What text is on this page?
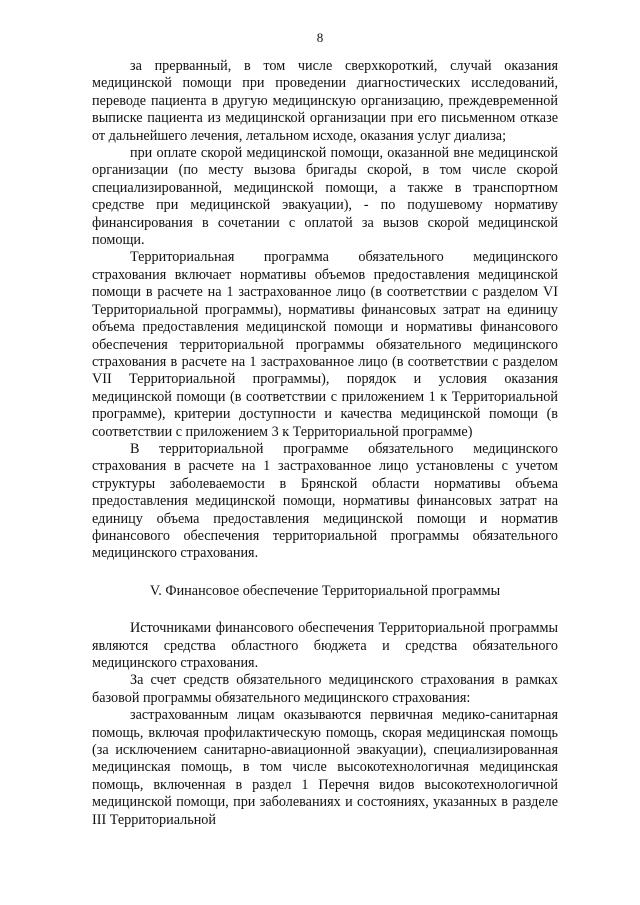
8

за прерванный, в том числе сверхкороткий, случай оказания медицинской помощи при проведении диагностических исследований, переводе пациента в другую медицинскую организацию, преждевременной выписке пациента из медицинской организации при его письменном отказе от дальнейшего лечения, летальном исходе, оказания услуг диализа;

при оплате скорой медицинской помощи, оказанной вне медицинской организации (по месту вызова бригады скорой, в том числе скорой специализированной, медицинской помощи, а также в транспортном средстве при медицинской эвакуации), - по подушевому нормативу финансирования в сочетании с оплатой за вызов скорой медицинской помощи.

Территориальная программа обязательного медицинского страхования включает нормативы объемов предоставления медицинской помощи в расчете на 1 застрахованное лицо (в соответствии с разделом VI Территориальной программы), нормативы финансовых затрат на единицу объема предоставления медицинской помощи и нормативы финансового обеспечения территориальной программы обязательного медицинского страхования в расчете на 1 застрахованное лицо (в соответствии с разделом VII Территориальной программы), порядок и условия оказания медицинской помощи (в соответствии с приложением 1 к Территориальной программе), критерии доступности и качества медицинской помощи (в соответствии с приложением 3 к Территориальной программе)

В территориальной программе обязательного медицинского страхования в расчете на 1 застрахованное лицо установлены с учетом структуры заболеваемости в Брянской области нормативы объема предоставления медицинской помощи, нормативы финансовых затрат на единицу объема предоставления медицинской помощи и норматив финансового обеспечения территориальной программы обязательного медицинского страхования.

V. Финансовое обеспечение Территориальной программы

Источниками финансового обеспечения Территориальной программы являются средства областного бюджета и средства обязательного медицинского страхования.

За счет средств обязательного медицинского страхования в рамках базовой программы обязательного медицинского страхования:

застрахованным лицам оказываются первичная медико-санитарная помощь, включая профилактическую помощь, скорая медицинская помощь (за исключением санитарно-авиационной эвакуации), специализированная медицинская помощь, в том числе высокотехнологичная медицинская помощь, включенная в раздел 1 Перечня видов высокотехнологичной медицинской помощи, при заболеваниях и состояниях, указанных в разделе III Территориальной
